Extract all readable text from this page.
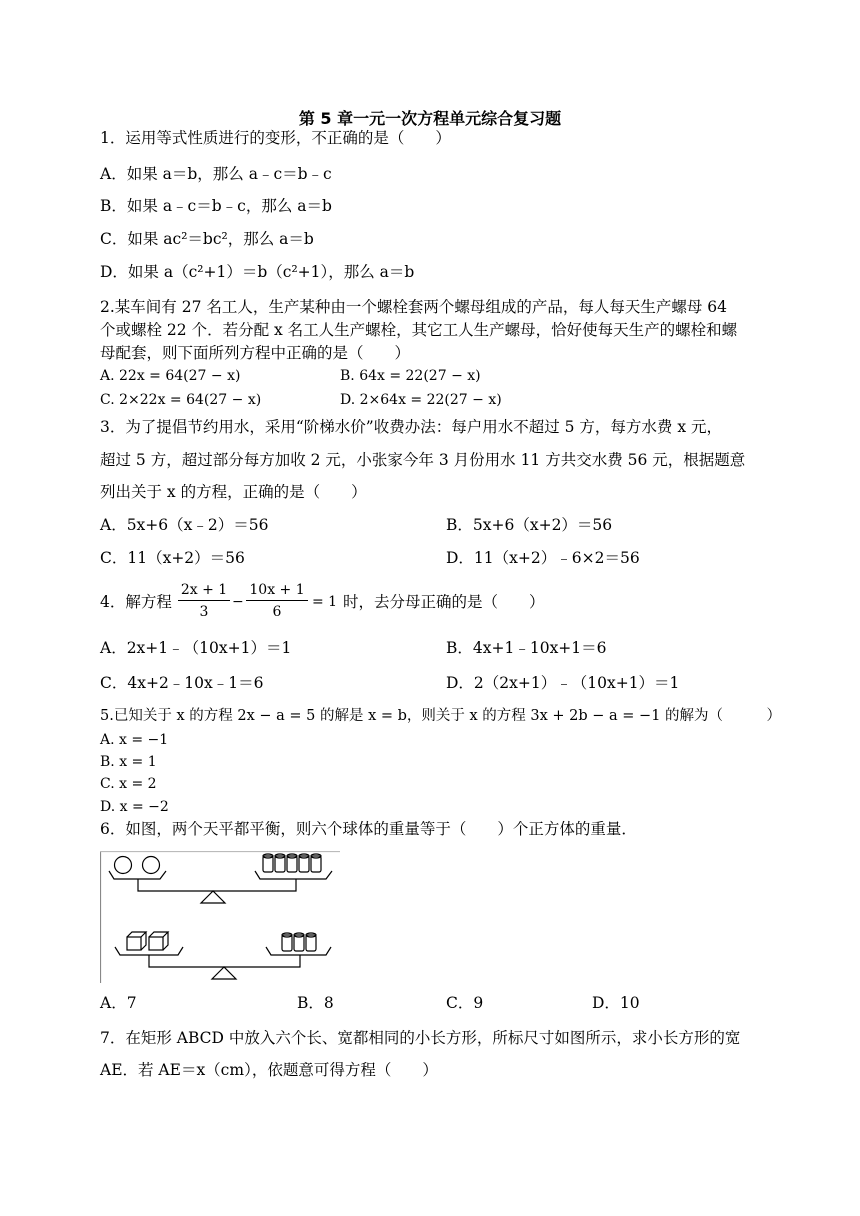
第 5 章一元一次方程单元综合复习题
1．运用等式性质进行的变形，不正确的是（　　）
A．如果 a＝b，那么 a﹣c＝b﹣c
B．如果 a﹣c＝b﹣c，那么 a＝b
C．如果 ac²＝bc²，那么 a＝b
D．如果 a（c²+1）＝b（c²+1），那么 a＝b
2.某车间有 27 名工人，生产某种由一个螺栓套两个螺母组成的产品，每人每天生产螺母 64
个或螺栓 22 个．若分配 x 名工人生产螺栓，其它工人生产螺母，恰好使每天生产的螺栓和螺
母配套，则下面所列方程中正确的是（　　）
A. 22x = 64(27 − x)	B. 64x = 22(27 − x)
C. 2×22x = 64(27 − x)	D. 2×64x = 22(27 − x)
3．为了提倡节约用水，采用“阶梯水价”收费办法：每户用水不超过 5 方，每方水费 x 元，
超过 5 方，超过部分每方加收 2 元，小张家今年 3 月份用水 11 方共交水费 56 元，根据题意
列出关于 x 的方程，正确的是（　　）
A．5x+6（x﹣2）＝56	B．5x+6（x+2）＝56
C．11（x+2）＝56	D．11（x+2）﹣6×2＝56
4．解方程
2x + 1
3
−
10x + 1
6
= 1 时，去分母正确的是（　　）
A．2x+1﹣（10x+1）＝1	B．4x+1﹣10x+1＝6
C．4x+2﹣10x﹣1＝6	D．2（2x+1）﹣（10x+1）＝1
5.已知关于 x 的方程 2x − a = 5 的解是 x = b，则关于 x 的方程 3x + 2b − a = −1 的解为（　　　）
A. x = −1
B. x = 1
C. x = 2
D. x = −2
6．如图，两个天平都平衡，则六个球体的重量等于（　　）个正方体的重量．
A．7	B．8	C．9	D．10
7．在矩形 ABCD 中放入六个长、宽都相同的小长方形，所标尺寸如图所示，求小长方形的宽
AE．若 AE＝x（cm），依题意可得方程（　　）
